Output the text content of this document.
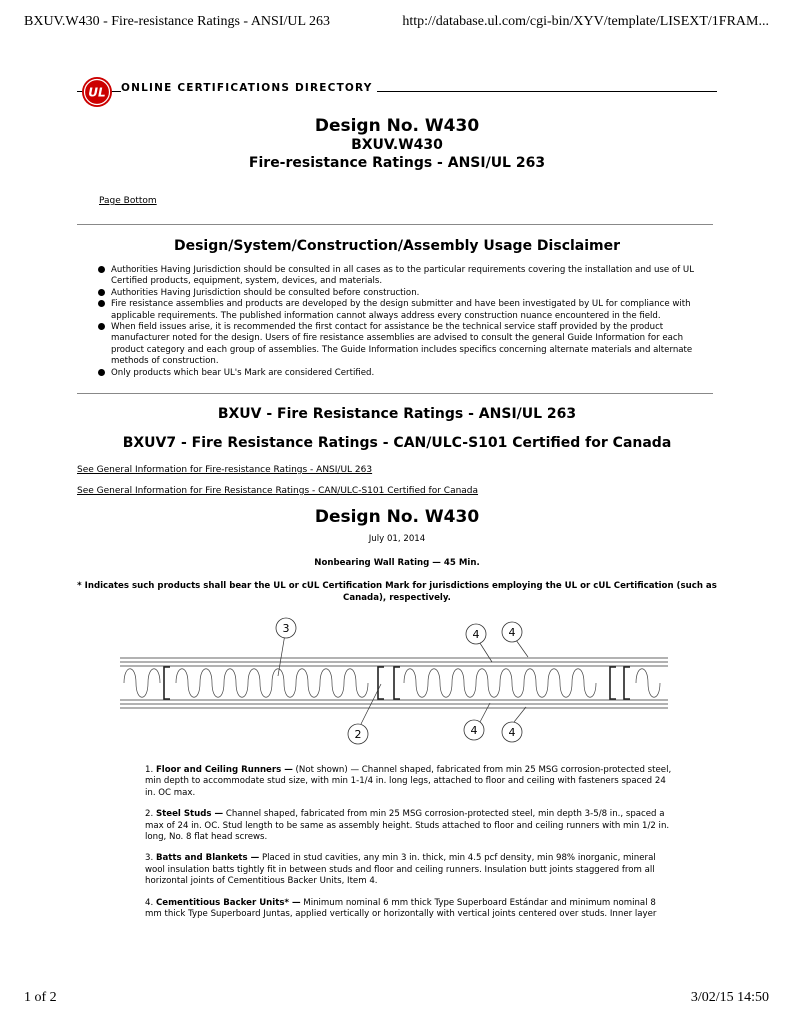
BXUV.W430 - Fire-resistance Ratings - ANSI/UL 263	http://database.ul.com/cgi-bin/XYV/template/LISEXT/1FRAM...
UL ONLINE CERTIFICATIONS DIRECTORY
Design No. W430
BXUV.W430
Fire-resistance Ratings - ANSI/UL 263
Page Bottom
Design/System/Construction/Assembly Usage Disclaimer
Authorities Having Jurisdiction should be consulted in all cases as to the particular requirements covering the installation and use of UL Certified products, equipment, system, devices, and materials.
Authorities Having Jurisdiction should be consulted before construction.
Fire resistance assemblies and products are developed by the design submitter and have been investigated by UL for compliance with applicable requirements. The published information cannot always address every construction nuance encountered in the field.
When field issues arise, it is recommended the first contact for assistance be the technical service staff provided by the product manufacturer noted for the design. Users of fire resistance assemblies are advised to consult the general Guide Information for each product category and each group of assemblies. The Guide Information includes specifics concerning alternate materials and alternate methods of construction.
Only products which bear UL's Mark are considered Certified.
BXUV - Fire Resistance Ratings - ANSI/UL 263
BXUV7 - Fire Resistance Ratings - CAN/ULC-S101 Certified for Canada
See General Information for Fire-resistance Ratings - ANSI/UL 263
See General Information for Fire Resistance Ratings - CAN/ULC-S101 Certified for Canada
Design No. W430
July 01, 2014
Nonbearing Wall Rating — 45 Min.
* Indicates such products shall bear the UL or cUL Certification Mark for jurisdictions employing the UL or cUL Certification (such as Canada), respectively.
3	4	4
2	4	4

1. Floor and Ceiling Runners — (Not shown) — Channel shaped, fabricated from min 25 MSG corrosion-protected steel, min depth to accommodate stud size, with min 1-1/4 in. long legs, attached to floor and ceiling with fasteners spaced 24 in. OC max.

2. Steel Studs — Channel shaped, fabricated from min 25 MSG corrosion-protected steel, min depth 3-5/8 in., spaced a max of 24 in. OC. Stud length to be same as assembly height. Studs attached to floor and ceiling runners with min 1/2 in. long, No. 8 flat head screws.

3. Batts and Blankets — Placed in stud cavities, any min 3 in. thick, min 4.5 pcf density, min 98% inorganic, mineral wool insulation batts tightly fit in between studs and floor and ceiling runners. Insulation butt joints staggered from all horizontal joints of Cementitious Backer Units, Item 4.

4. Cementitious Backer Units* — Minimum nominal 6 mm thick Type Superboard Estándar and minimum nominal 8 mm thick Type Superboard Juntas, applied vertically or horizontally with vertical joints centered over studs. Inner layer

1 of 2	3/02/15 14:50
